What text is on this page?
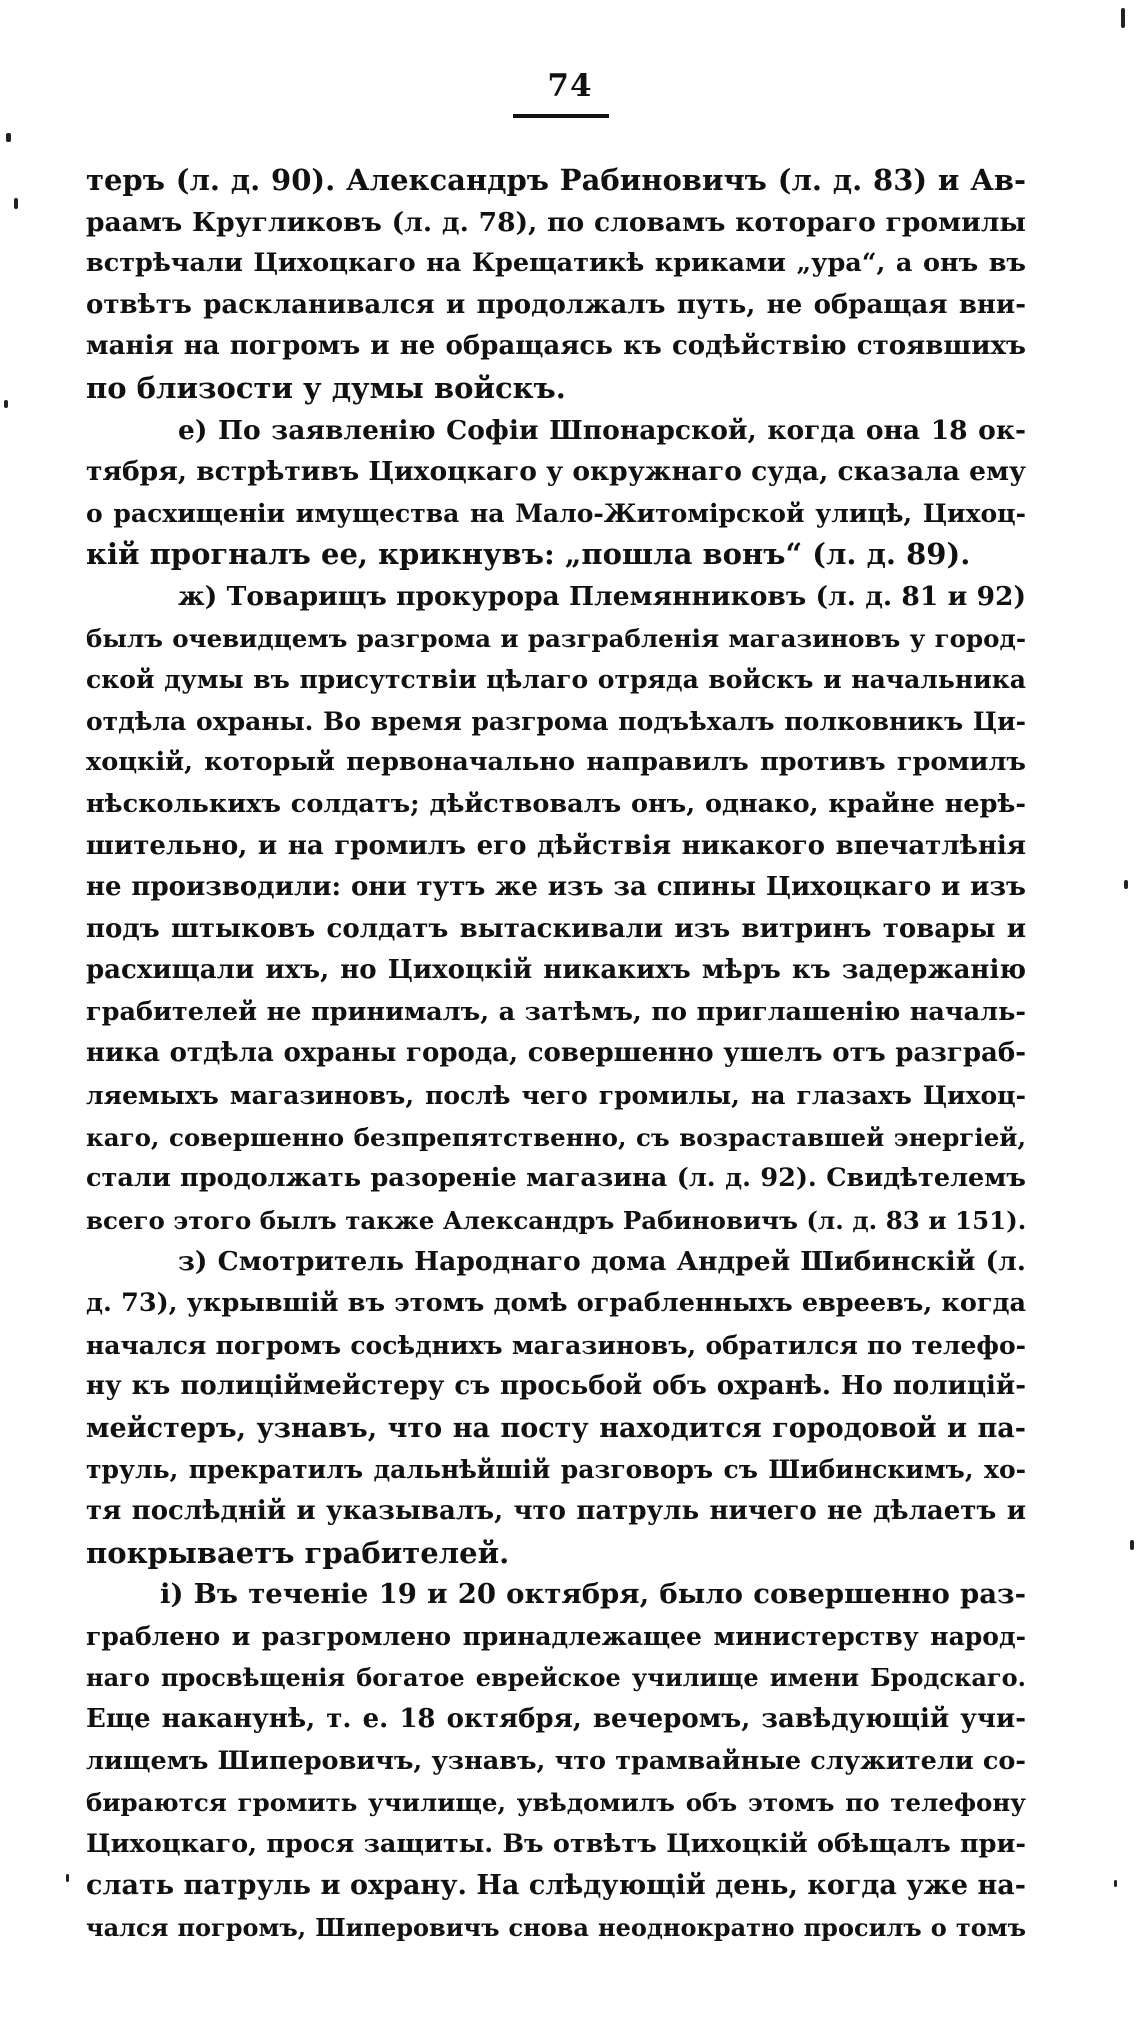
74
теръ (л. д. 90). Александръ Рабиновичъ (л. д. 83) и Ав-
раамъ Кругликовъ (л. д. 78), по словамъ котораго громилы
встрѣчали Цихоцкаго на Крещатикѣ криками „ура“, а онъ въ
отвѣтъ раскланивался и продолжалъ путь, не обращая вни-
манія на погромъ и не обращаясь къ содѣйствію стоявшихъ
по близости у думы войскъ.
е) По заявленію Софіи Шпонарской, когда она 18 ок-
тября, встрѣтивъ Цихоцкаго у окружнаго суда, сказала ему
о расхищеніи имущества на Мало-Житомірской улицѣ, Цихоц-
кій прогналъ ее, крикнувъ: „пошла вонъ“ (л. д. 89).
ж) Товарищъ прокурора Племянниковъ (л. д. 81 и 92)
былъ очевидцемъ разгрома и разграбленія магазиновъ у город-
ской думы въ присутствіи цѣлаго отряда войскъ и начальника
отдѣла охраны. Во время разгрома подъѣхалъ полковникъ Ци-
хоцкій, который первоначально направилъ противъ громилъ
нѣсколькихъ солдатъ; дѣйствовалъ онъ, однако, крайне нерѣ-
шительно, и на громилъ его дѣйствія никакого впечатлѣнія
не производили: они тутъ же изъ за спины Цихоцкаго и изъ
подъ штыковъ солдатъ вытаскивали изъ витринъ товары и
расхищали ихъ, но Цихоцкій никакихъ мѣръ къ задержанію
грабителей не принималъ, а затѣмъ, по приглашенію началь-
ника отдѣла охраны города, совершенно ушелъ отъ разграб-
ляемыхъ магазиновъ, послѣ чего громилы, на глазахъ Цихоц-
каго, совершенно безпрепятственно, съ возраставшей энергіей,
стали продолжать разореніе магазина (л. д. 92). Свидѣтелемъ
всего этого былъ также Александръ Рабиновичъ (л. д. 83 и 151).
з) Смотритель Народнаго дома Андрей Шибинскій (л.
д. 73), укрывшій въ этомъ домѣ ограбленныхъ евреевъ, когда
начался погромъ сосѣднихъ магазиновъ, обратился по телефо-
ну къ полиціймейстеру съ просьбой объ охранѣ. Но полицій-
мейстеръ, узнавъ, что на посту находится городовой и па-
труль, прекратилъ дальнѣйшій разговоръ съ Шибинскимъ, хо-
тя послѣдній и указывалъ, что патруль ничего не дѣлаетъ и
покрываетъ грабителей.
і) Въ теченіе 19 и 20 октября, было совершенно раз-
граблено и разгромлено принадлежащее министерству народ-
наго просвѣщенія богатое еврейское училище имени Бродскаго.
Еще наканунѣ, т. е. 18 октября, вечеромъ, завѣдующій учи-
лищемъ Шиперовичъ, узнавъ, что трамвайные служители со-
бираются громить училище, увѣдомилъ объ этомъ по телефону
Цихоцкаго, прося защиты. Въ отвѣтъ Цихоцкій обѣщалъ при-
слать патруль и охрану. На слѣдующій день, когда уже на-
чался погромъ, Шиперовичъ снова неоднократно просилъ о томъ
